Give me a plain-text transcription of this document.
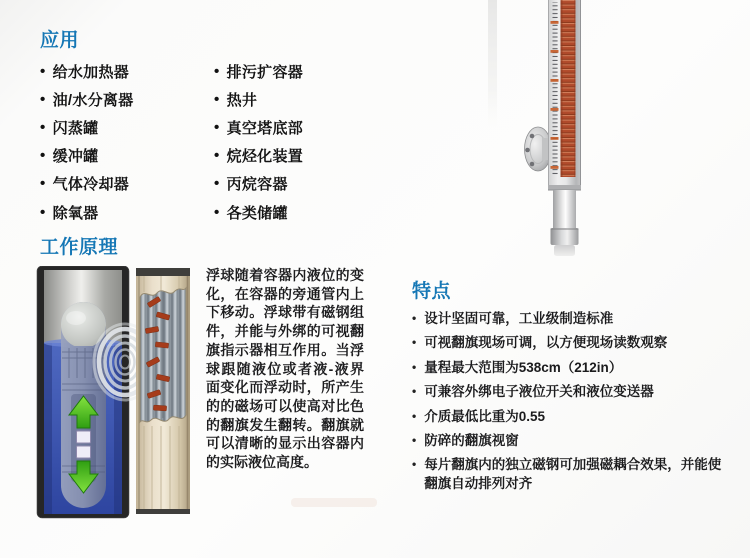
应用
• 给水加热器
• 油/水分离器
• 闪蒸罐
• 缓冲罐
• 气体冷却器
• 除氧器
• 排污扩容器
• 热井
• 真空塔底部
• 烷烃化装置
• 丙烷容器
• 各类储罐
工作原理

浮球随着容器内液位的变化，在容器的旁通管内上下移动。浮球带有磁钢组件，并能与外绑的可视翻旗指示器相互作用。当浮球跟随液位或者液-液界面变化而浮动时，所产生的的磁场可以使高对比色的翻旗发生翻转。翻旗就可以清晰的显示出容器内的实际液位高度。

特点
• 设计坚固可靠，工业级制造标准
• 可视翻旗现场可调，以方便现场读数观察
• 量程最大范围为538cm（212in）
• 可兼容外绑电子液位开关和液位变送器
• 介质最低比重为0.55
• 防碎的翻旗视窗
• 每片翻旗内的独立磁钢可加强磁耦合效果，并能使翻旗自动排列对齐
